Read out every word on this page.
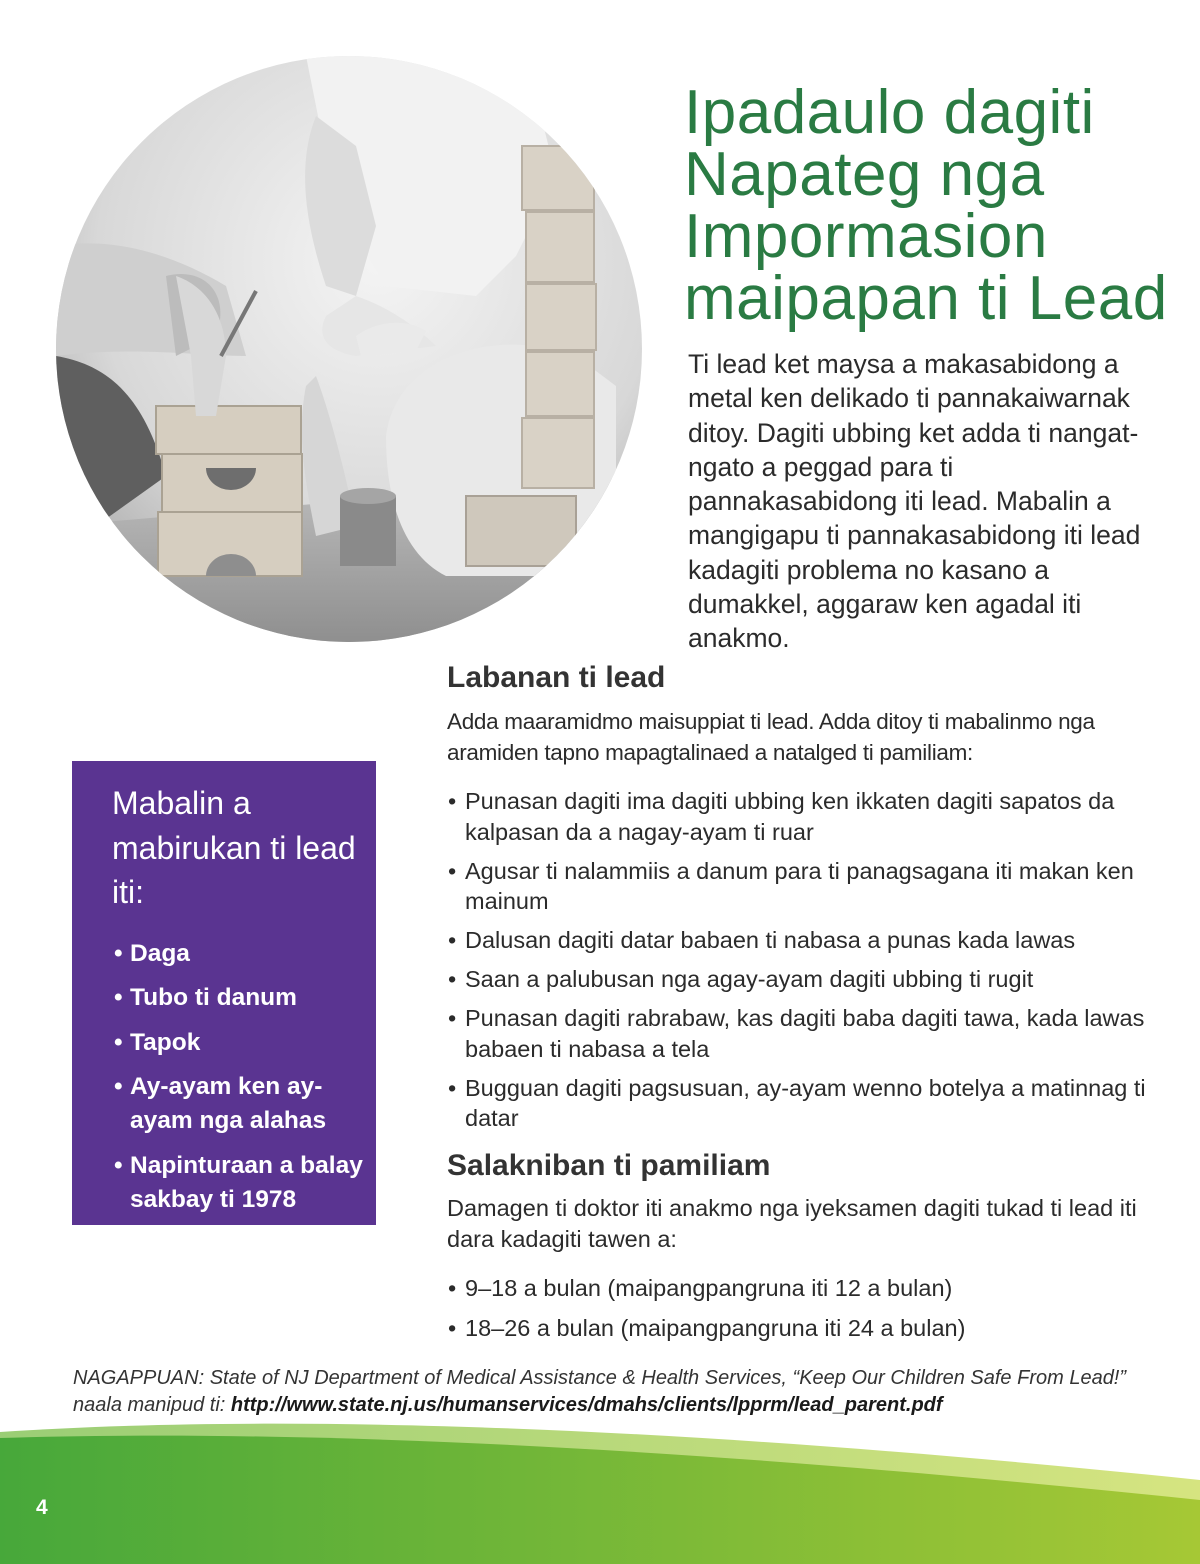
Ipadaulo dagiti
Napateg nga
Impormasion
maipapan ti Lead

Ti lead ket maysa a makasabidong a metal ken delikado ti pannakaiwarnak ditoy. Dagiti ubbing ket adda ti nangat-ngato a peggad para ti pannakasabidong iti lead. Mabalin a mangigapu ti pannakasabidong iti lead kadagiti problema no kasano a dumakkel, aggaraw ken agadal iti anakmo.

Labanan ti lead

Adda maaramidmo maisuppiat ti lead. Adda ditoy ti mabalinmo nga aramiden tapno mapagtalinaed a natalged ti pamiliam:

• Punasan dagiti ima dagiti ubbing ken ikkaten dagiti sapatos da kalpasan da a nagay-ayam ti ruar
• Agusar ti nalammiis a danum para ti panagsagana iti makan ken mainum
• Dalusan dagiti datar babaen ti nabasa a punas kada lawas
• Saan a palubusan nga agay-ayam dagiti ubbing ti rugit
• Punasan dagiti rabrabaw, kas dagiti baba dagiti tawa, kada lawas babaen ti nabasa a tela
• Bugguan dagiti pagsusuan, ay-ayam wenno botelya a matinnag ti datar
Salakniban ti pamiliam

Damagen ti doktor iti anakmo nga iyeksamen dagiti tukad ti lead iti dara kadagiti tawen a:

• 9–18 a bulan (maipangpangruna iti 12 a bulan)
• 18–26 a bulan (maipangpangruna iti 24 a bulan)
Mabalin a mabirukan ti lead iti:
• Daga
• Tubo ti danum
• Tapok
• Ay-ayam ken ay-ayam nga alahas
• Napinturaan a balay sakbay ti 1978

NAGAPPUAN: State of NJ Department of Medical Assistance & Health Services, “Keep Our Children Safe From Lead!” naala manipud ti: http://www.state.nj.us/humanservices/dmahs/clients/lpprm/lead_parent.pdf

4
